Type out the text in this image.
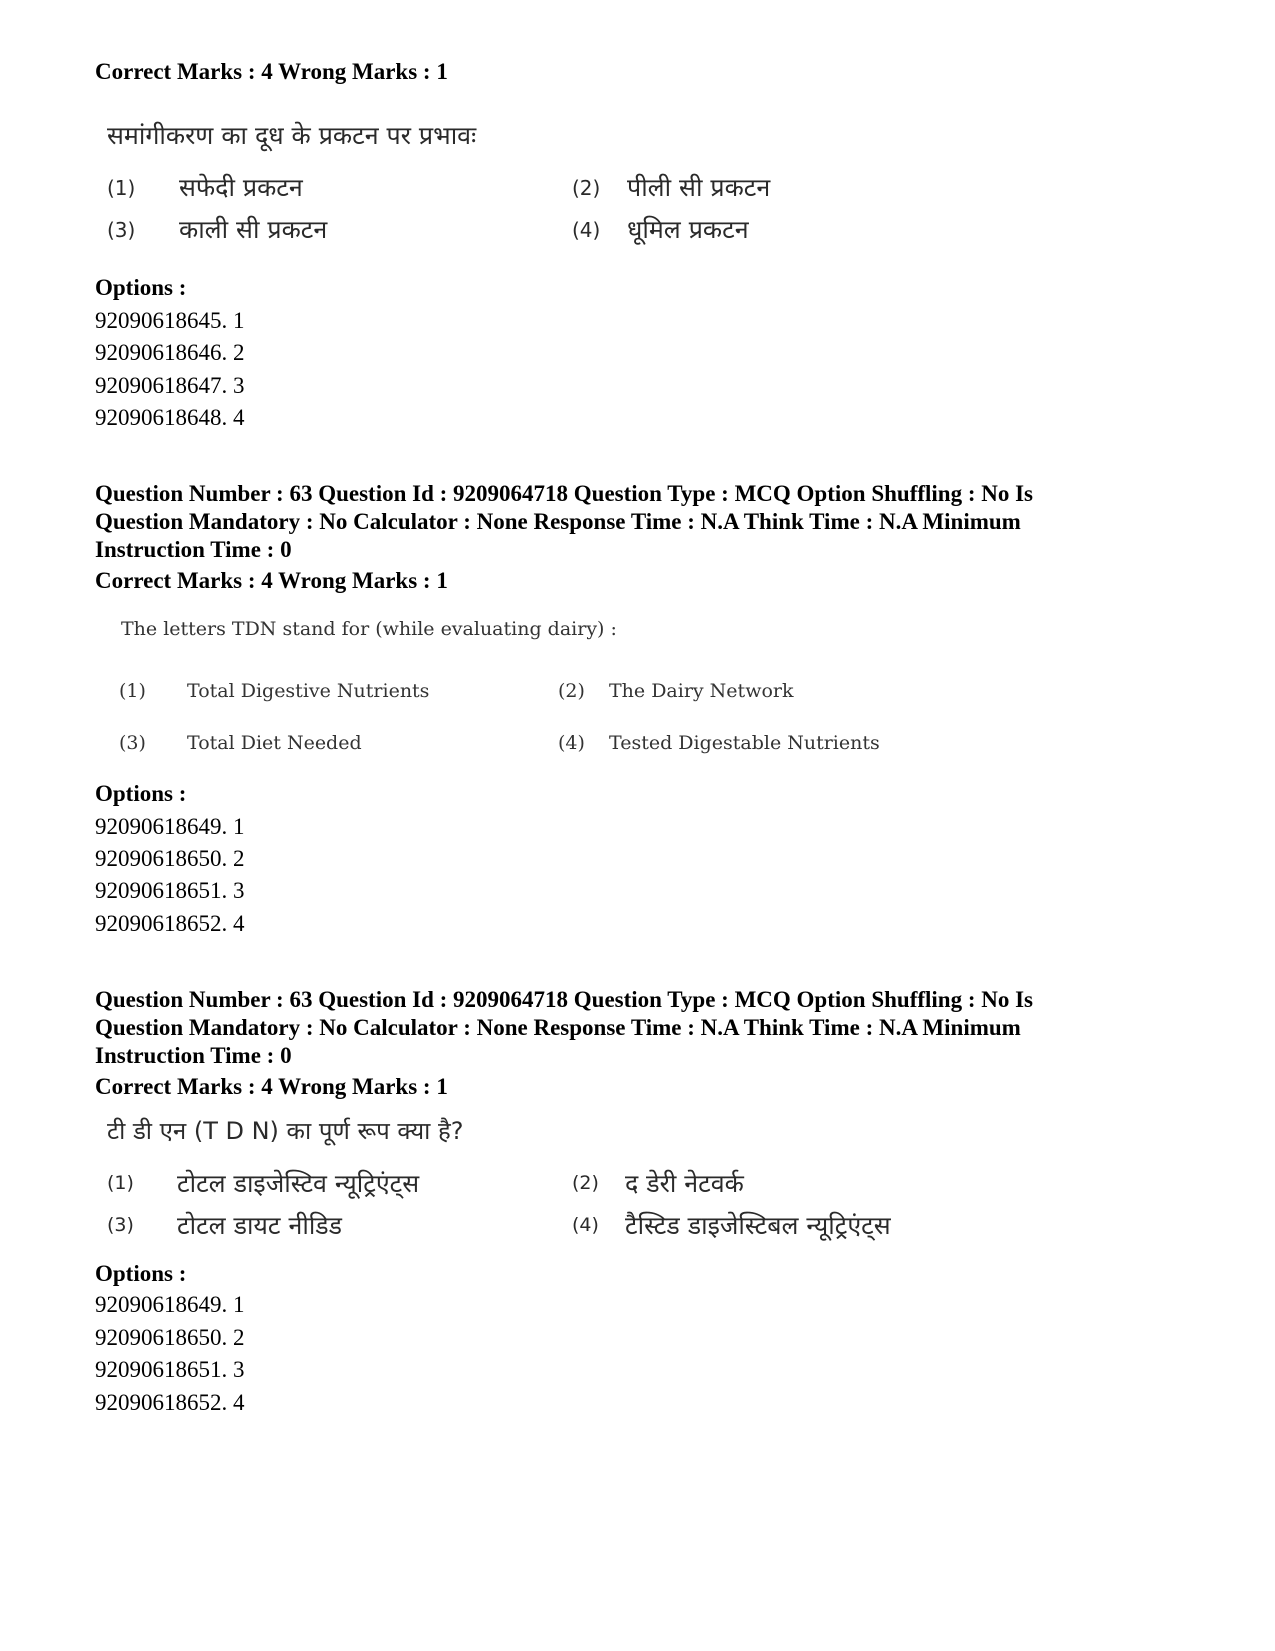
Correct Marks : 4 Wrong Marks : 1

समांगीकरण का दूध के प्रकटन पर प्रभावः
(1) सफेदी प्रकटन	(2) पीली सी प्रकटन
(3) काली सी प्रकटन	(4) धूमिल प्रकटन

Options :

92090618645. 1

92090618646. 2

92090618647. 3

92090618648. 4

Question Number : 63 Question Id : 9209064718 Question Type : MCQ Option Shuffling : No Is
Question Mandatory : No Calculator : None Response Time : N.A Think Time : N.A Minimum
Instruction Time : 0

Correct Marks : 4 Wrong Marks : 1

The letters TDN stand for (while evaluating dairy) :
(1) Total Digestive Nutrients	(2) The Dairy Network
(3) Total Diet Needed	(4) Tested Digestable Nutrients

Options :

92090618649. 1

92090618650. 2

92090618651. 3

92090618652. 4

Question Number : 63 Question Id : 9209064718 Question Type : MCQ Option Shuffling : No Is
Question Mandatory : No Calculator : None Response Time : N.A Think Time : N.A Minimum
Instruction Time : 0

Correct Marks : 4 Wrong Marks : 1

टी डी एन (T D N) का पूर्ण रूप क्या है?
(1) टोटल डाइजेस्टिव न्यूट्रिएंट्स	(2) द डेरी नेटवर्क
(3) टोटल डायट नीडिड	(4) टैस्टिड डाइजेस्टिबल न्यूट्रिएंट्स

Options :

92090618649. 1

92090618650. 2

92090618651. 3

92090618652. 4
